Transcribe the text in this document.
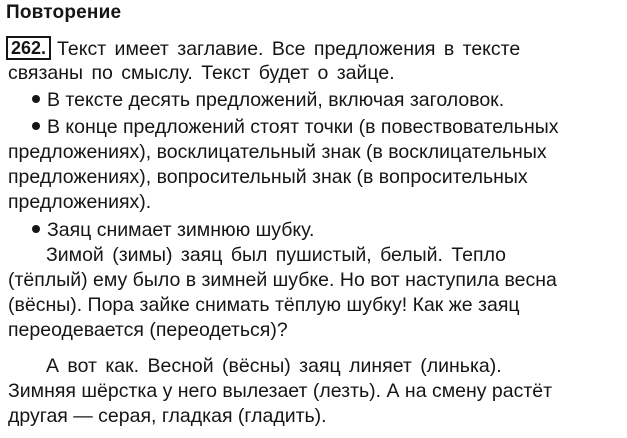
Повторение
262. Текст имеет заглавие. Все предложения в тексте
связаны по смыслу. Текст будет о зайце.
В тексте десять предложений, включая заголовок.
В конце предложений стоят точки (в повествовательных
предложениях), восклицательный знак (в восклицательных
предложениях), вопросительный знак (в вопросительных
предложениях).
Заяц снимает зимнюю шубку.
Зимой (зимы) заяц был пушистый, белый. Тепло
(тёплый) ему было в зимней шубке. Но вот наступила весна
(вёсны). Пора зайке снимать тёплую шубку! Как же заяц
переодевается (переодеться)?
А вот как. Весной (вёсны) заяц линяет (линька).
Зимняя шёрстка у него вылезает (лезть). А на смену растёт
другая — серая, гладкая (гладить).
